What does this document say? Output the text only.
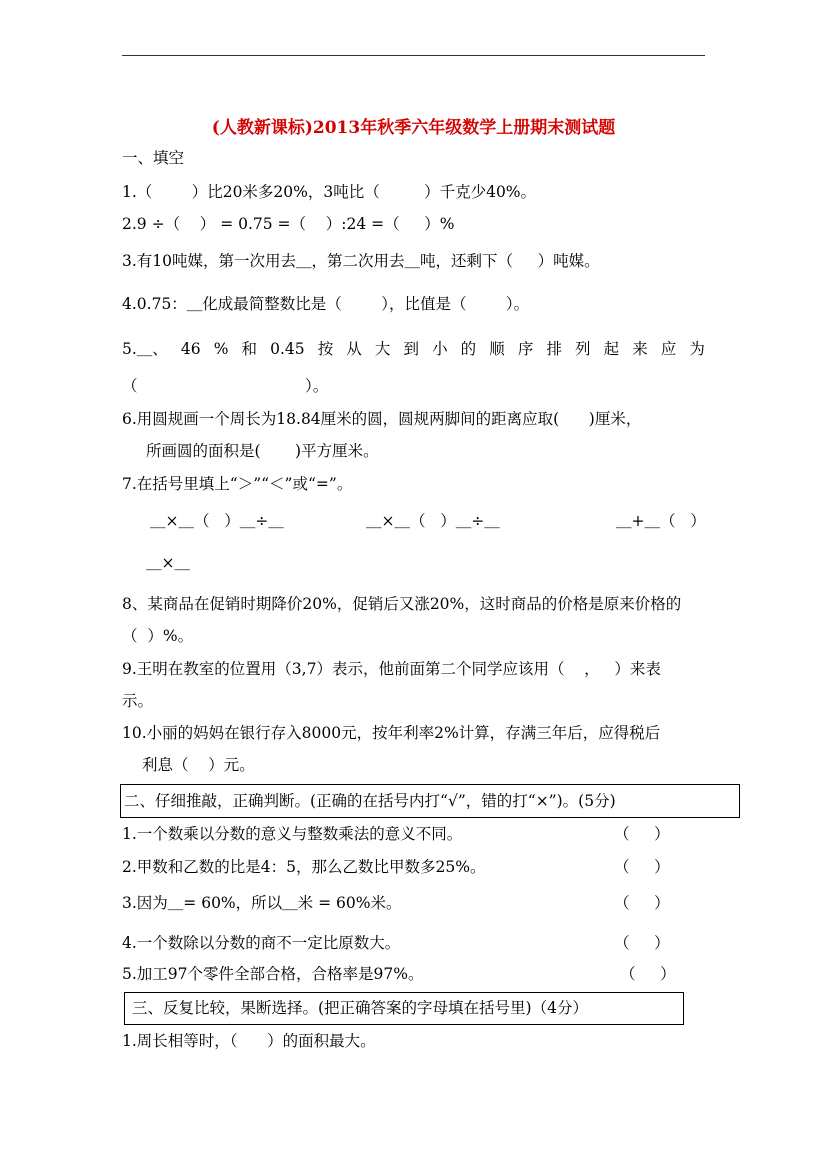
(人教新课标)2013年秋季六年级数学上册期末测试题
一、填空
1.（        ）比20米多20%，3吨比（         ）千克少40%。
2.9 ÷（    ） = 0.75 =（    ）:24 =（     ）%
3.有10吨媒，第一次用去＿，第二次用去＿吨，还剩下（     ）吨媒。
4.0.75：＿化成最简整数比是（        ），比值是（        ）。
5.＿、 46 % 和 0.45 按 从 大 到 小 的 顺 序 排 列 起 来 应 为
（                                  ）。
6.用圆规画一个周长为18.84厘米的圆，圆规两脚间的距离应取(      )厘米，
所画圆的面积是(       )平方厘米。
7.在括号里填上“＞”“＜”或“=”。
＿×＿（   ）＿÷＿	＿×＿（   ）＿÷＿	＿+＿（   ）
＿×＿
8、某商品在促销时期降价20%，促销后又涨20%，这时商品的价格是原来价格的
（  ）%。
9.王明在教室的位置用（3,7）表示，他前面第二个同学应该用（    ，   ）来表
示。
10.小丽的妈妈在银行存入8000元，按年利率2%计算，存满三年后，应得税后
利息（    ）元。
二、仔细推敲，正确判断。(正确的在括号内打“√”，错的打“×”)。(5分)
1.一个数乘以分数的意义与整数乘法的意义不同。	（     ）
2.甲数和乙数的比是4：5，那么乙数比甲数多25%。	（     ）
3.因为＿= 60%，所以＿米 = 60%米。	（     ）
4.一个数除以分数的商不一定比原数大。	（     ）
5.加工97个零件全部合格，合格率是97%。	（     ）
三、反复比较，果断选择。(把正确答案的字母填在括号里)（4分）
1.周长相等时，（      ）的面积最大。
